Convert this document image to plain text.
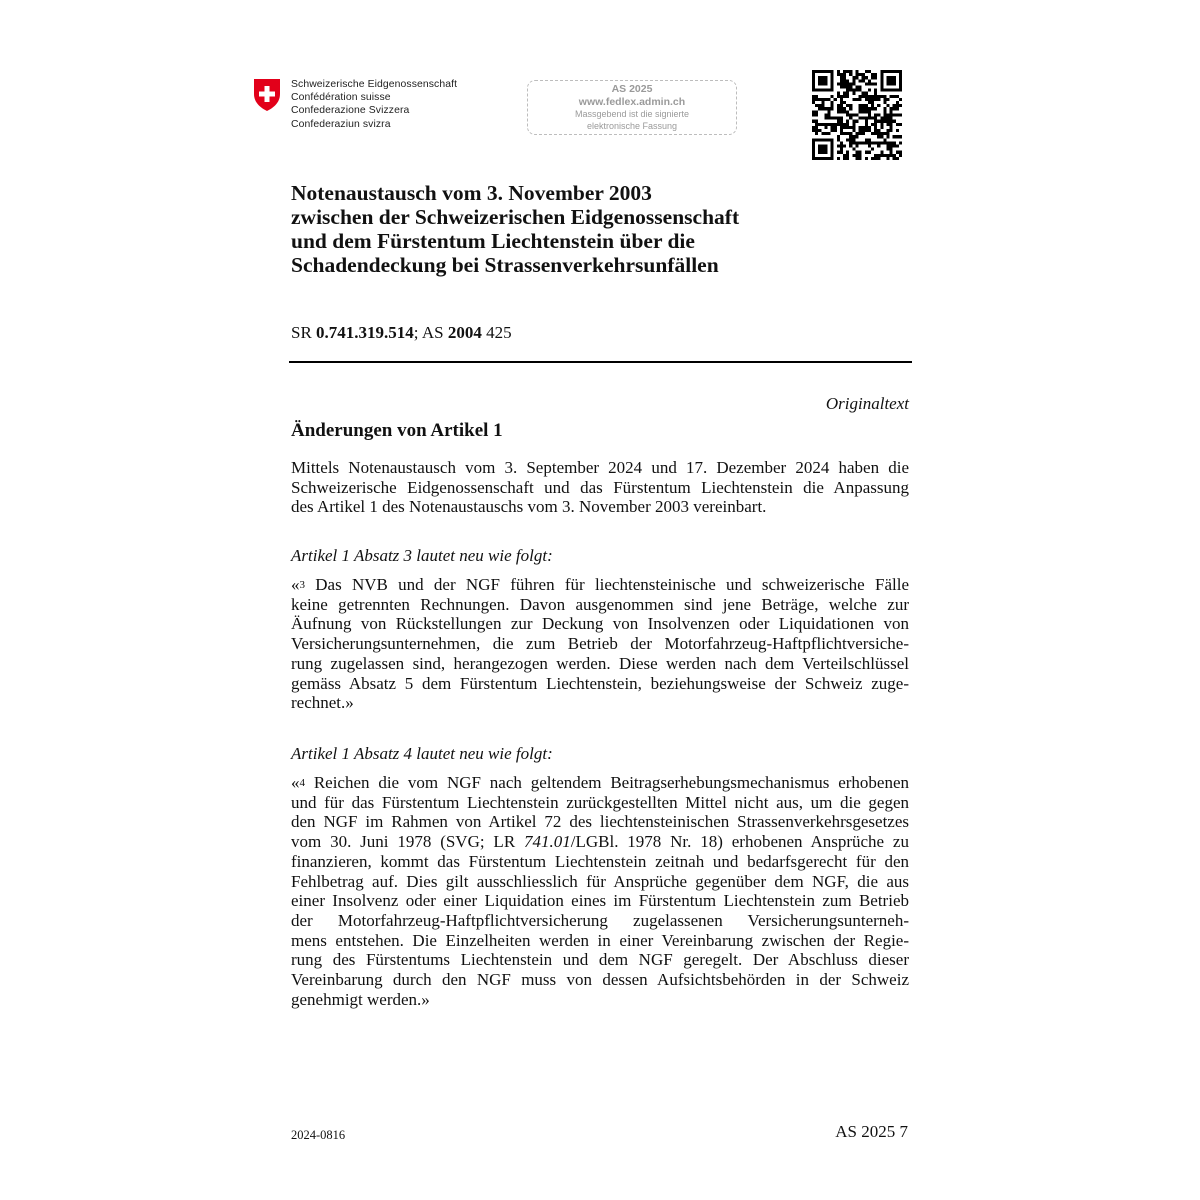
Schweizerische Eidgenossenschaft
Confédération suisse
Confederazione Svizzera
Confederaziun svizra
AS 2025
www.fedlex.admin.ch
Massgebend ist die signierte
elektronische Fassung
Notenaustausch vom 3. November 2003
zwischen der Schweizerischen Eidgenossenschaft
und dem Fürstentum Liechtenstein über die
Schadendeckung bei Strassenverkehrsunfällen
SR 0.741.319.514; AS 2004 425
Originaltext
Änderungen von Artikel 1
Mittels Notenaustausch vom 3. September 2024 und 17. Dezember 2024 haben die
Schweizerische Eidgenossenschaft und das Fürstentum Liechtenstein die Anpassung
des Artikel 1 des Notenaustauschs vom 3. November 2003 vereinbart.
Artikel 1 Absatz 3 lautet neu wie folgt:
«$^3$ Das NVB und der NGF führen für liechtensteinische und schweizerische Fälle
keine getrennten Rechnungen. Davon ausgenommen sind jene Beträge, welche zur
Äufnung von Rückstellungen zur Deckung von Insolvenzen oder Liquidationen von
Versicherungsunternehmen, die zum Betrieb der Motorfahrzeug-Haftpflichtversiche-
rung zugelassen sind, herangezogen werden. Diese werden nach dem Verteilschlüssel
gemäss Absatz 5 dem Fürstentum Liechtenstein, beziehungsweise der Schweiz zuge-
rechnet.»
Artikel 1 Absatz 4 lautet neu wie folgt:
«$^4$ Reichen die vom NGF nach geltendem Beitragserhebungsmechanismus erhobenen
und für das Fürstentum Liechtenstein zurückgestellten Mittel nicht aus, um die gegen
den NGF im Rahmen von Artikel 72 des liechtensteinischen Strassenverkehrsgesetzes
vom 30. Juni 1978 (SVG; LR 741.01/LGBl. 1978 Nr. 18) erhobenen Ansprüche zu
finanzieren, kommt das Fürstentum Liechtenstein zeitnah und bedarfsgerecht für den
Fehlbetrag auf. Dies gilt ausschliesslich für Ansprüche gegenüber dem NGF, die aus
einer Insolvenz oder einer Liquidation eines im Fürstentum Liechtenstein zum Betrieb
der Motorfahrzeug-Haftpflichtversicherung zugelassenen Versicherungsunterneh-
mens entstehen. Die Einzelheiten werden in einer Vereinbarung zwischen der Regie-
rung des Fürstentums Liechtenstein und dem NGF geregelt. Der Abschluss dieser
Vereinbarung durch den NGF muss von dessen Aufsichtsbehörden in der Schweiz
genehmigt werden.»
2024-0816	AS 2025 7
